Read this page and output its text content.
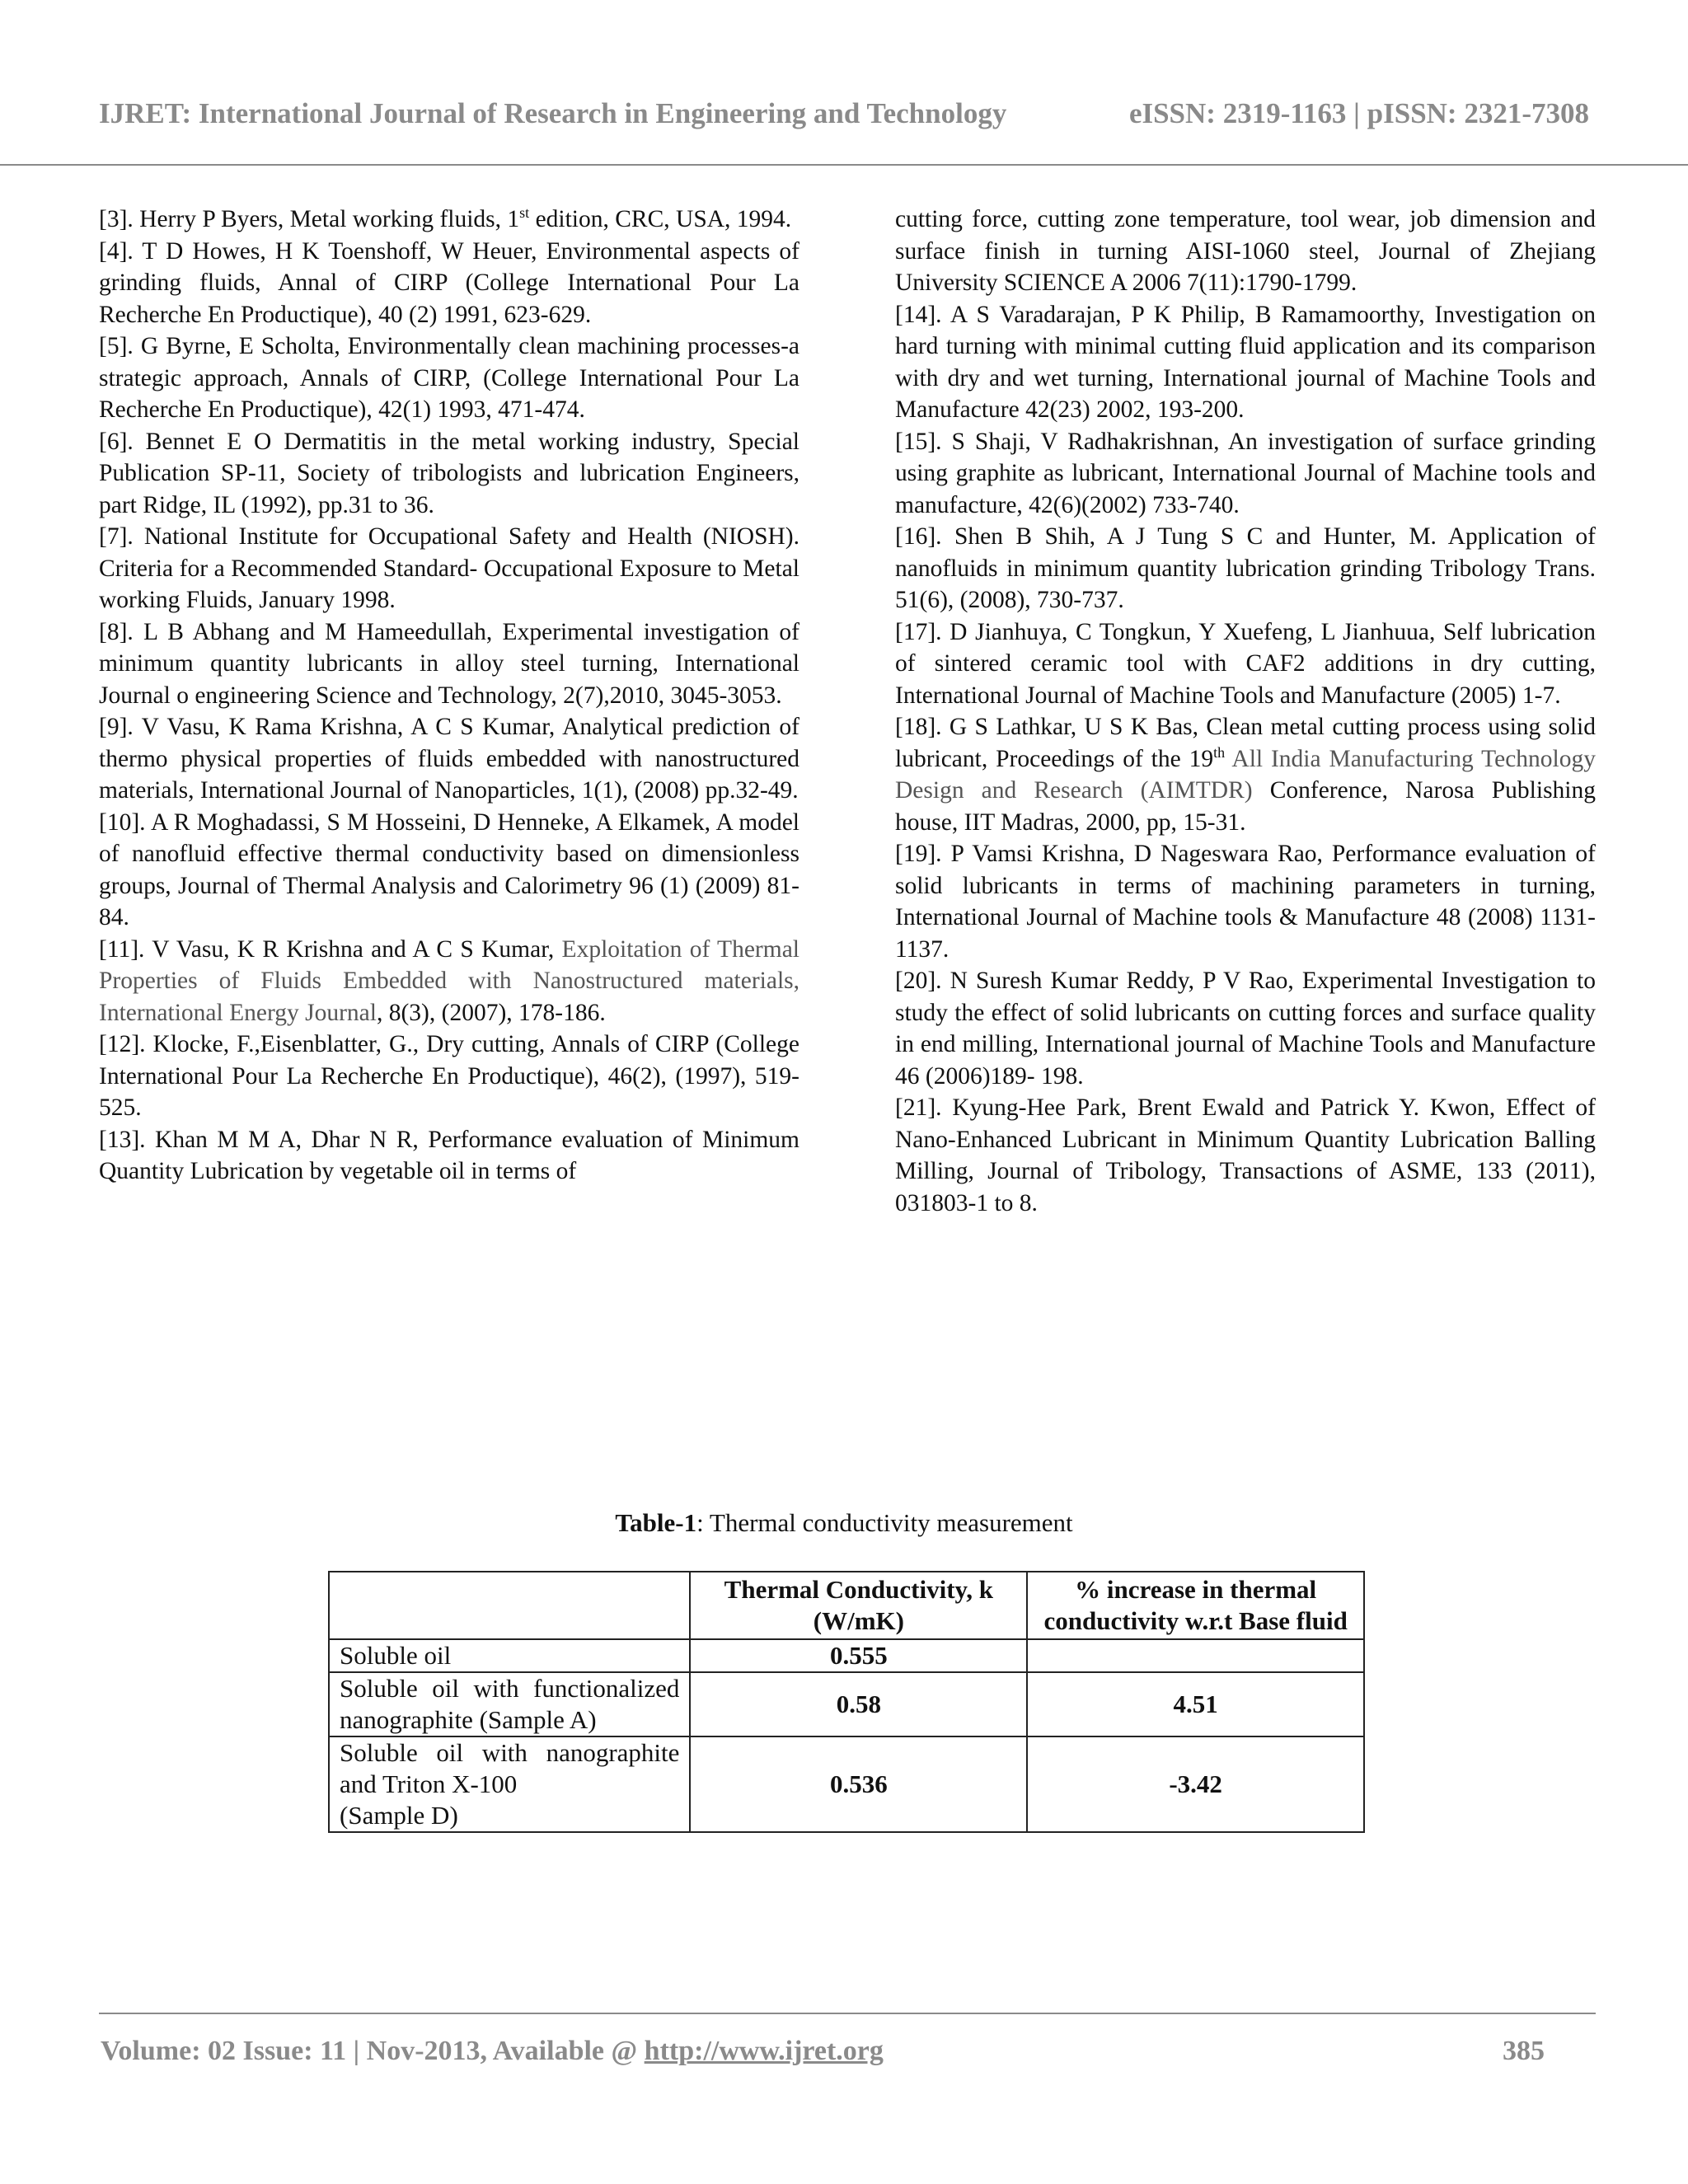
IJRET: International Journal of Research in Engineering and Technology	eISSN: 2319-1163 | pISSN: 2321-7308

[3]. Herry P Byers, Metal working fluids, 1st edition, CRC, USA, 1994.

[4]. T D Howes, H K Toenshoff, W Heuer, Environmental aspects of grinding fluids, Annal of CIRP (College International Pour La Recherche En Productique), 40 (2) 1991, 623-629.

[5]. G Byrne, E Scholta, Environmentally clean machining processes-a strategic approach, Annals of CIRP, (College International Pour La Recherche En Productique), 42(1) 1993, 471-474.

[6]. Bennet E O Dermatitis in the metal working industry, Special Publication SP-11, Society of tribologists and lubrication Engineers, part Ridge, IL (1992), pp.31 to 36.

[7]. National Institute for Occupational Safety and Health (NIOSH). Criteria for a Recommended Standard- Occupational Exposure to Metal working Fluids, January 1998.

[8]. L B Abhang and M Hameedullah, Experimental investigation of minimum quantity lubricants in alloy steel turning, International Journal o engineering Science and Technology, 2(7),2010, 3045-3053.

[9]. V Vasu, K Rama Krishna, A C S Kumar, Analytical prediction of thermo physical properties of fluids embedded with nanostructured materials, International Journal of Nanoparticles, 1(1), (2008) pp.32-49.

[10]. A R Moghadassi, S M Hosseini, D Henneke, A Elkamek, A model of nanofluid effective thermal conductivity based on dimensionless groups, Journal of Thermal Analysis and Calorimetry 96 (1) (2009) 81-84.

[11]. V Vasu, K R Krishna and A C S Kumar, Exploitation of Thermal Properties of Fluids Embedded with Nanostructured materials, International Energy Journal, 8(3), (2007), 178-186.

[12]. Klocke, F.,Eisenblatter, G., Dry cutting, Annals of CIRP (College International Pour La Recherche En Productique), 46(2), (1997), 519-525.

[13]. Khan M M A, Dhar N R, Performance evaluation of Minimum Quantity Lubrication by vegetable oil in terms of

cutting force, cutting zone temperature, tool wear, job dimension and surface finish in turning AISI-1060 steel, Journal of Zhejiang University SCIENCE A 2006 7(11):1790-1799.

[14]. A S Varadarajan, P K Philip, B Ramamoorthy, Investigation on hard turning with minimal cutting fluid application and its comparison with dry and wet turning, International journal of Machine Tools and Manufacture 42(23) 2002, 193-200.

[15]. S Shaji, V Radhakrishnan, An investigation of surface grinding using graphite as lubricant, International Journal of Machine tools and manufacture, 42(6)(2002) 733-740.

[16]. Shen B Shih, A J Tung S C and Hunter, M. Application of nanofluids in minimum quantity lubrication grinding Tribology Trans. 51(6), (2008), 730-737.

[17]. D Jianhuya, C Tongkun, Y Xuefeng, L Jianhuua, Self lubrication of sintered ceramic tool with CAF2 additions in dry cutting, International Journal of Machine Tools and Manufacture (2005) 1-7.

[18]. G S Lathkar, U S K Bas, Clean metal cutting process using solid lubricant, Proceedings of the 19th All India Manufacturing Technology Design and Research (AIMTDR) Conference, Narosa Publishing house, IIT Madras, 2000, pp, 15-31.

[19]. P Vamsi Krishna, D Nageswara Rao, Performance evaluation of solid lubricants in terms of machining parameters in turning, International Journal of Machine tools & Manufacture 48 (2008) 1131-1137.

[20]. N Suresh Kumar Reddy, P V Rao, Experimental Investigation to study the effect of solid lubricants on cutting forces and surface quality in end milling, International journal of Machine Tools and Manufacture 46 (2006)189- 198.

[21]. Kyung-Hee Park, Brent Ewald and Patrick Y. Kwon, Effect of Nano-Enhanced Lubricant in Minimum Quantity Lubrication Balling Milling, Journal of Tribology, Transactions of ASME, 133 (2011), 031803-1 to 8.

Table-1: Thermal conductivity measurement
	Thermal Conductivity, k (W/mK)	% increase in thermal conductivity w.r.t Base fluid
Soluble oil	0.555	
Soluble oil with functionalized nanographite (Sample A)	0.58	4.51
Soluble oil with nanographite and Triton X-100
(Sample D)	0.536	-3.42
Volume: 02 Issue: 11 | Nov-2013, Available @ http://www.ijret.org	385
